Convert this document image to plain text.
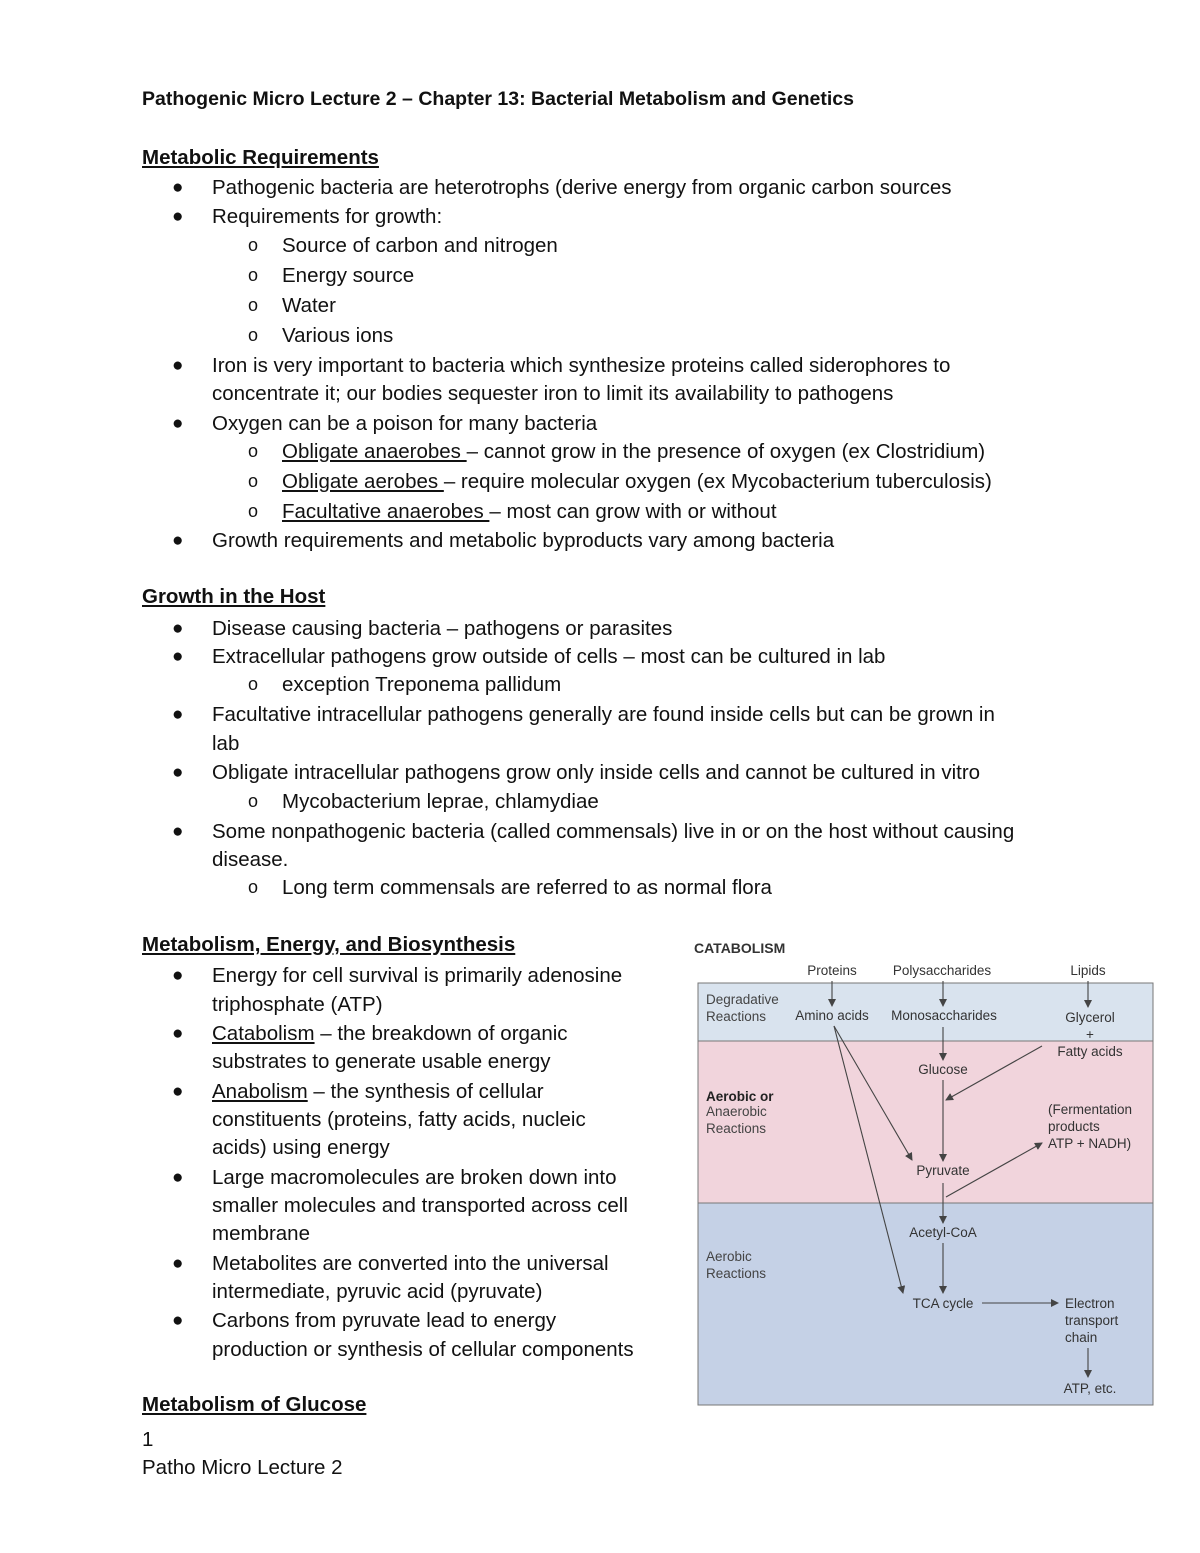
Pathogenic Micro Lecture 2 – Chapter 13: Bacterial Metabolism and Genetics
Metabolic Requirements
● Pathogenic bacteria are heterotrophs (derive energy from organic carbon sources
● Requirements for growth:
o Source of carbon and nitrogen
o Energy source
o Water
o Various ions
● Iron is very important to bacteria which synthesize proteins called siderophores to
concentrate it; our bodies sequester iron to limit its availability to pathogens
● Oxygen can be a poison for many bacteria
o Obligate anaerobes – cannot grow in the presence of oxygen (ex Clostridium)
o Obligate aerobes – require molecular oxygen (ex Mycobacterium tuberculosis)
o Facultative anaerobes – most can grow with or without
● Growth requirements and metabolic byproducts vary among bacteria
Growth in the Host
● Disease causing bacteria – pathogens or parasites
● Extracellular pathogens grow outside of cells – most can be cultured in lab
o exception Treponema pallidum
● Facultative intracellular pathogens generally are found inside cells but can be grown in
lab
● Obligate intracellular pathogens grow only inside cells and cannot be cultured in vitro
o Mycobacterium leprae, chlamydiae
● Some nonpathogenic bacteria (called commensals) live in or on the host without causing
disease.
o Long term commensals are referred to as normal flora
Metabolism, Energy, and Biosynthesis
● Energy for cell survival is primarily adenosine
triphosphate (ATP)
● Catabolism – the breakdown of organic
substrates to generate usable energy
● Anabolism – the synthesis of cellular
constituents (proteins, fatty acids, nucleic
acids) using energy
● Large macromolecules are broken down into
smaller molecules and transported across cell
membrane
● Metabolites are converted into the universal
intermediate, pyruvic acid (pyruvate)
● Carbons from pyruvate lead to energy
production or synthesis of cellular components
Metabolism of Glucose
1
Patho Micro Lecture 2
CATABOLISM
Proteins	Polysaccharides	Lipids
Degradative
Reactions
Aerobic or
Anaerobic
Reactions
Aerobic
Reactions
Amino acids Monosaccharides	Glycerol
+
Fatty acids
Glucose
(Fermentation
products
ATP + NADH)
Pyruvate
Acetyl-CoA
TCA cycle	Electron
transport
chain
ATP, etc.
